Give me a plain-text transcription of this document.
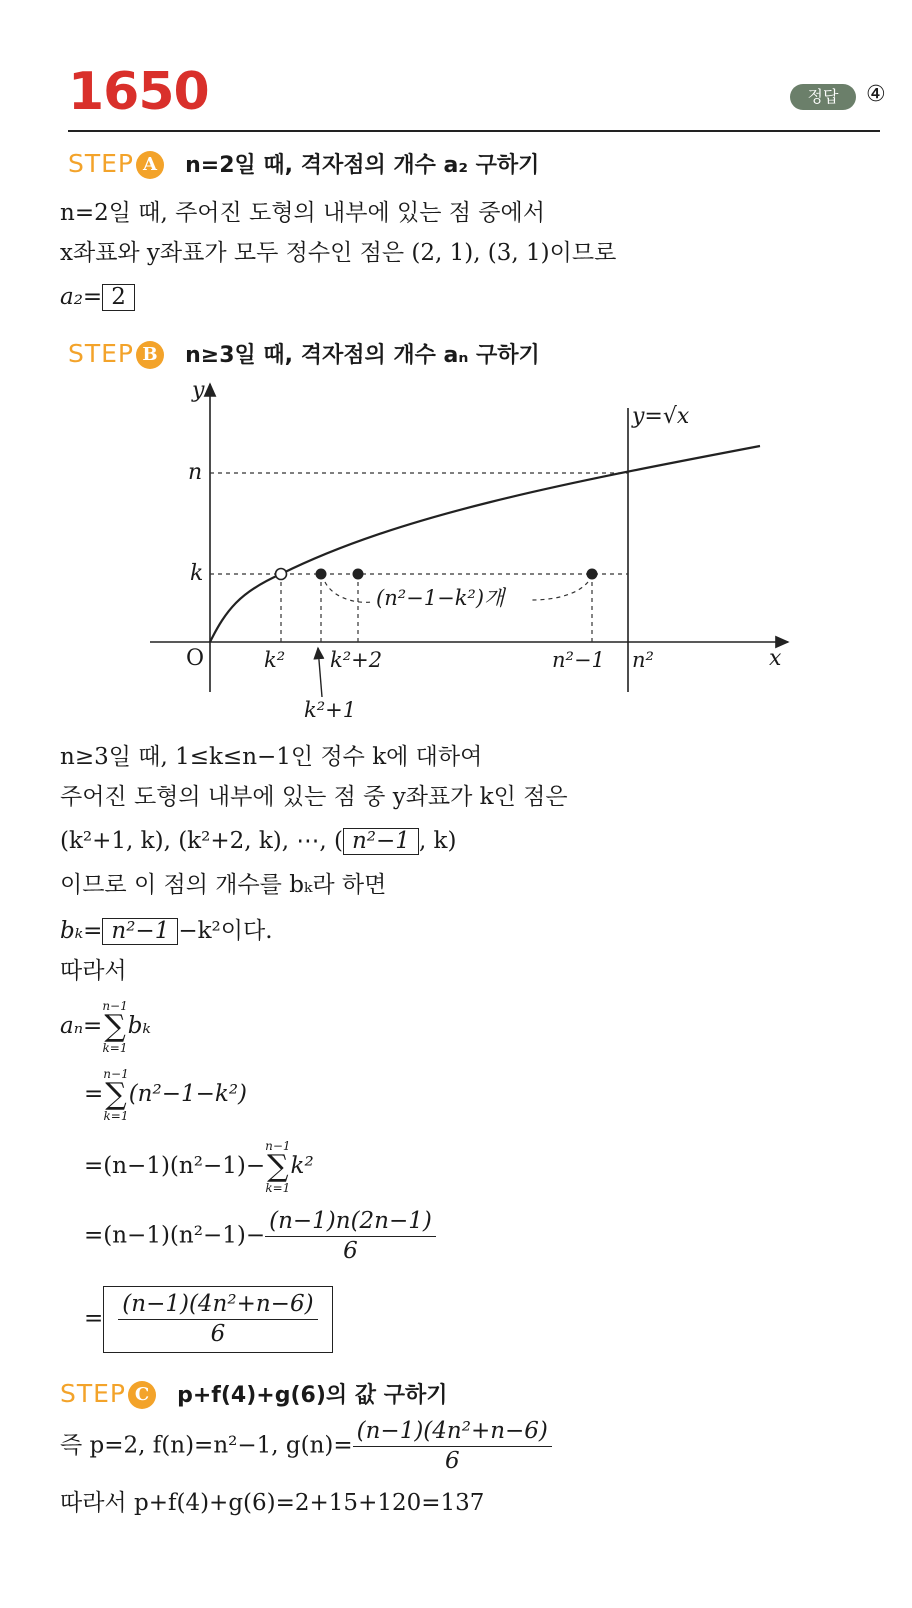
1650	정답	④
STEP A n=2일 때, 격자점의 개수 a₂ 구하기
n=2일 때, 주어진 도형의 내부에 있는 점 중에서
x좌표와 y좌표가 모두 정수인 점은 (2, 1), (3, 1)이므로
a₂= 2
STEP B n≥3일 때, 격자점의 개수 aₙ 구하기
y
x
O
y=√x
n
k
k² k²+2	n²−1 n²
k²+1
(n²−1−k²)개
n≥3일 때, 1≤k≤n−1인 정수 k에 대하여
주어진 도형의 내부에 있는 점 중 y좌표가 k인 점은
(k²+1, k), (k²+2, k), ⋯, ( n²−1 , k)
이므로 이 점의 개수를 bₖ라 하면
bₖ= n²−1 −k²이다.
따라서
aₙ=
n−1
∑
k=1
bₖ
=
n−1
∑
k=1
(n²−1−k²)
=(n−1)(n²−1)−
n−1
∑
k=1
k²
$=(n-1)(n^2-1)- \frac{(n-1)n(2n-1)}{6}$
= $\frac{\text{(n−1)(4n²+n−6)}}{6}$
STEP C p+f(4)+g(6)의 값 구하기
즉 p=2, f(n)=n²−1, $g(n)= \frac{\text{(n−1)(4n²+n−6)}}{6}$
따라서 p+f(4)+g(6)=2+15+120=137
